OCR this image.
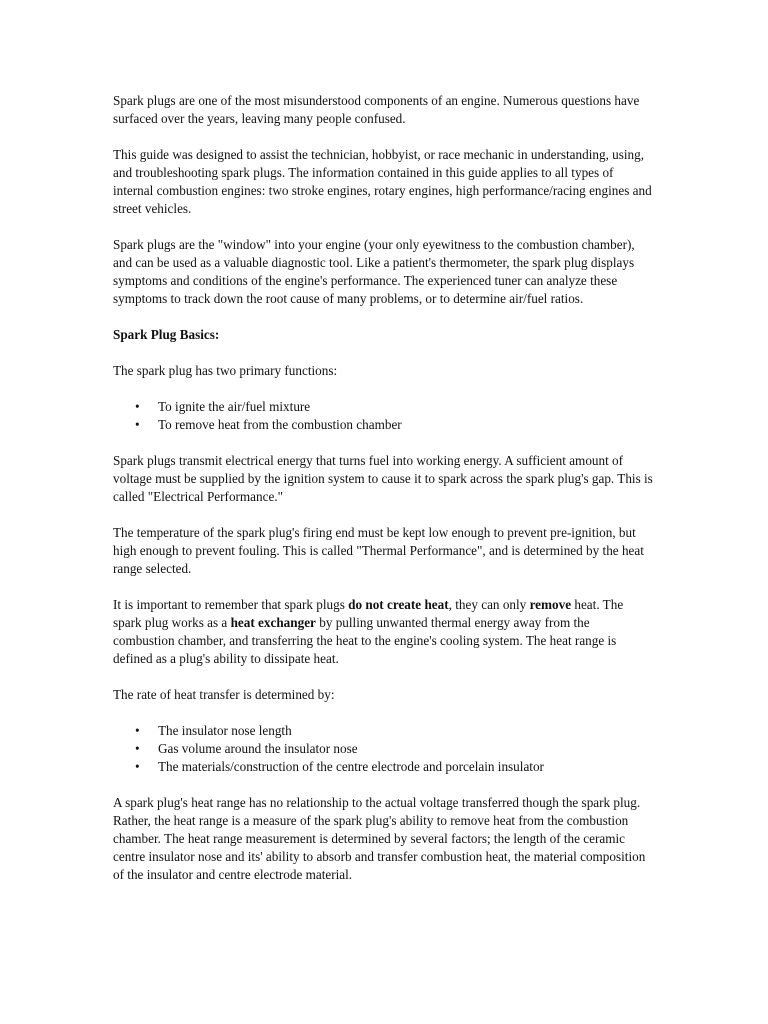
Spark plugs are one of the most misunderstood components of an engine. Numerous questions have surfaced over the years, leaving many people confused.

This guide was designed to assist the technician, hobbyist, or race mechanic in understanding, using, and troubleshooting spark plugs. The information contained in this guide applies to all types of internal combustion engines: two stroke engines, rotary engines, high performance/racing engines and street vehicles.

Spark plugs are the "window" into your engine (your only eyewitness to the combustion chamber), and can be used as a valuable diagnostic tool. Like a patient's thermometer, the spark plug displays symptoms and conditions of the engine's performance. The experienced tuner can analyze these symptoms to track down the root cause of many problems, or to determine air/fuel ratios.

Spark Plug Basics:

The spark plug has two primary functions:

• To ignite the air/fuel mixture
• To remove heat from the combustion chamber

Spark plugs transmit electrical energy that turns fuel into working energy. A sufficient amount of voltage must be supplied by the ignition system to cause it to spark across the spark plug's gap. This is called "Electrical Performance."

The temperature of the spark plug's firing end must be kept low enough to prevent pre-ignition, but high enough to prevent fouling. This is called "Thermal Performance", and is determined by the heat range selected.

It is important to remember that spark plugs do not create heat, they can only remove heat. The spark plug works as a heat exchanger by pulling unwanted thermal energy away from the combustion chamber, and transferring the heat to the engine's cooling system. The heat range is defined as a plug's ability to dissipate heat.

The rate of heat transfer is determined by:

• The insulator nose length
• Gas volume around the insulator nose
• The materials/construction of the centre electrode and porcelain insulator

A spark plug's heat range has no relationship to the actual voltage transferred though the spark plug. Rather, the heat range is a measure of the spark plug's ability to remove heat from the combustion chamber. The heat range measurement is determined by several factors; the length of the ceramic centre insulator nose and its' ability to absorb and transfer combustion heat, the material composition of the insulator and centre electrode material.
